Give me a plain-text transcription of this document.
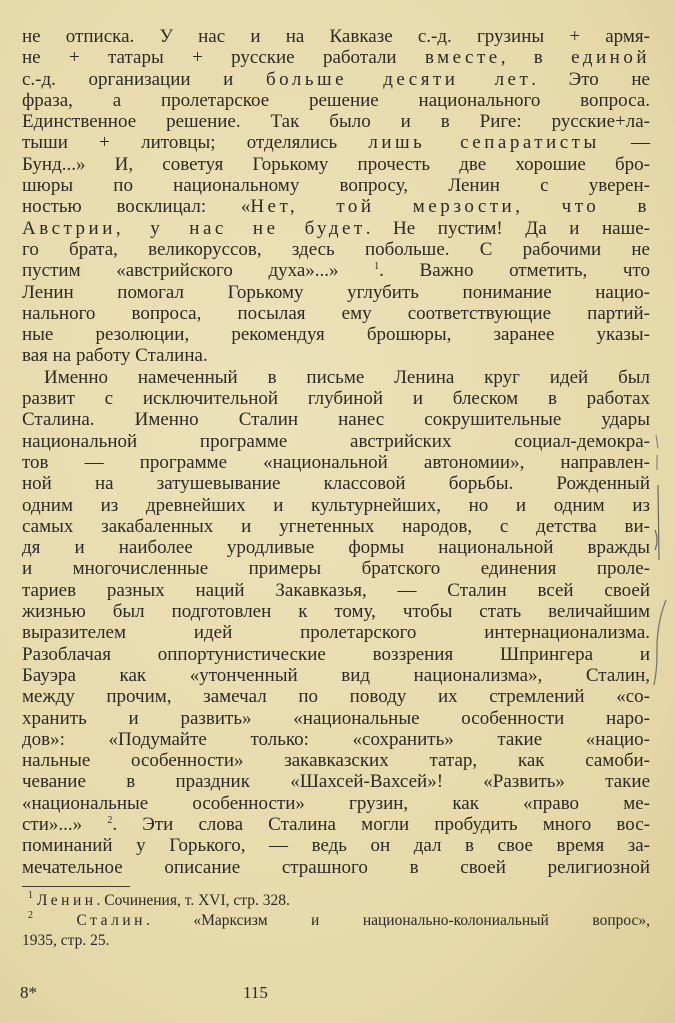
не отписка. У нас и на Кавказе с.-д. грузины + армя-
не + татары + русские работали вместе, в единой
с.-д. организации и больше десяти лет. Это не
фраза, а пролетарское решение национального вопроса.
Единственное решение. Так было и в Риге: русские+ла-
тыши + литовцы; отделялись лишь сепаратисты —
Бунд...» И, советуя Горькому прочесть две хорошие бро-
шюры по национальному вопросу, Ленин с уверен-
ностью восклицал: «Нет, той мерзости, что в
Австрии, у нас не будет. Не пустим! Да и наше-
го брата, великоруссов, здесь побольше. С рабочими не
пустим «австрийского духа»...» $^1$. Важно отметить, что
Ленин помогал Горькому углубить понимание нацио-
нального вопроса, посылая ему соответствующие партий-
ные резолюции, рекомендуя брошюры, заранее указы-
вая на работу Сталина.
Именно намеченный в письме Ленина круг идей был
развит с исключительной глубиной и блеском в работах
Сталина. Именно Сталин нанес сокрушительные удары
национальной программе австрийских социал-демокра-
тов — программе «национальной автономии», направлен-
ной на затушевывание классовой борьбы. Рожденный
одним из древнейших и культурнейших, но и одним из
самых закабаленных и угнетенных народов, с детства ви-
дя и наиболее уродливые формы национальной вражды
и многочисленные примеры братского единения проле-
тариев разных наций Закавказья, — Сталин всей своей
жизнью был подготовлен к тому, чтобы стать величайшим
выразителем идей пролетарского интернационализма.
Разоблачая оппортунистические воззрения Шпрингера и
Бауэра как «утонченный вид национализма», Сталин,
между прочим, замечал по поводу их стремлений «со-
хранить и развить» «национальные особенности наро-
дов»: «Подумайте только: «сохранить» такие «нацио-
нальные особенности» закавказских татар, как самоби-
чевание в праздник «Шахсей-Вахсей»! «Развить» такие
«национальные особенности» грузин, как «право ме-
сти»...» $^2$. Эти слова Сталина могли пробудить много вос-
поминаний у Горького, — ведь он дал в свое время за-
мечательное описание страшного в своей религиозной
$^1$ Ленин. Сочинения, т. XVI, стр. 328.
$^2$	Сталин. «Марксизм и национально-колониальный вопрос»,
1935, стр. 25.
8*	115
